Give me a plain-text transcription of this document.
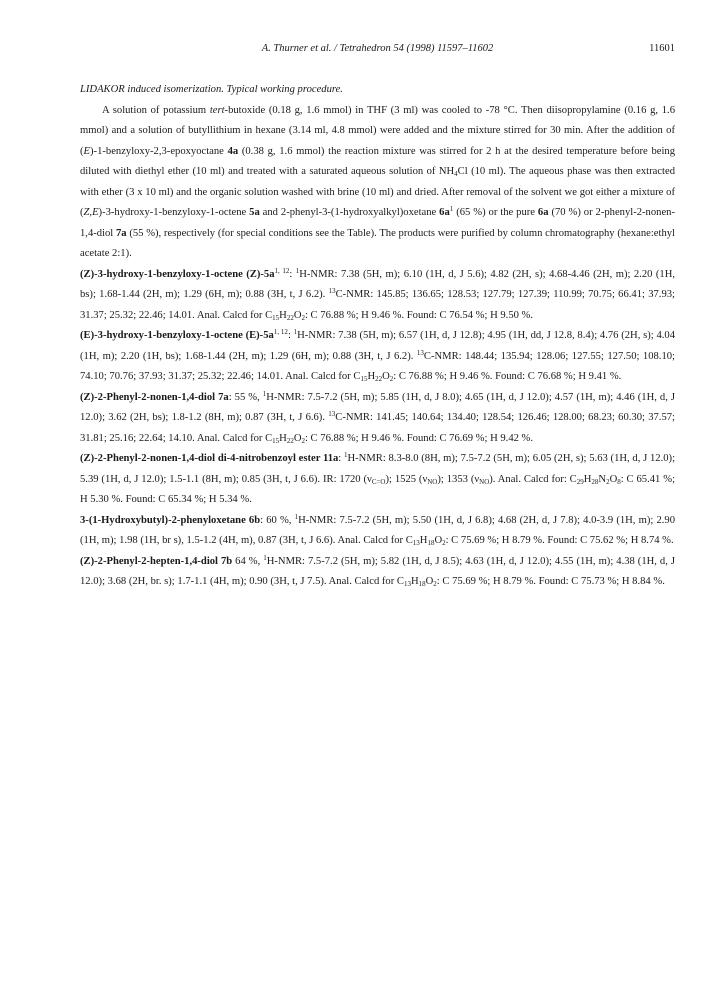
A. Thurner et al. / Tetrahedron 54 (1998) 11597–11602	11601

LIDAKOR induced isomerization. Typical working procedure.

A solution of potassium tert-butoxide (0.18 g, 1.6 mmol) in THF (3 ml) was cooled to -78 °C. Then diisopropylamine (0.16 g, 1.6 mmol) and a solution of butyllithium in hexane (3.14 ml, 4.8 mmol) were added and the mixture stirred for 30 min. After the addition of (E)-1-benzyloxy-2,3-epoxyoctane 4a (0.38 g, 1.6 mmol) the reaction mixture was stirred for 2 h at the desired temperature before being diluted with diethyl ether (10 ml) and treated with a saturated aqueous solution of $NH_4Cl$ (10 ml). The aqueous phase was then extracted with ether (3 x 10 ml) and the organic solution washed with brine (10 ml) and dried. After removal of the solvent we got either a mixture of (Z,E)-3-hydroxy-1-benzyloxy-1-octene 5a and 2-phenyl-3-(1-hydroxyalkyl)oxetane $6a^1$ (65 %) or the pure 6a (70 %) or 2-phenyl-2-nonen-1,4-diol 7a (55 %), respectively (for special conditions see the Table). The products were purified by column chromatography (hexane:ethyl acetate 2:1).

(Z)-3-hydroxy-1-benzyloxy-1-octene $(Z)-5a^{1, 12}$: $^1$H-NMR: 7.38 (5H, m); 6.10 (1H, d, J 5.6); 4.82 (2H, s); 4.68-4.46 (2H, m); 2.20 (1H, bs); 1.68-1.44 (2H, m); 1.29 (6H, m); 0.88 (3H, t, J 6.2). $^{13}$C-NMR: 145.85; 136.65; 128.53; 127.79; 127.39; 110.99; 70.75; 66.41; 37.93; 31.37; 25.32; 22.46; 14.01. Anal. Calcd for $C_{15}H_{22}O_2$: C 76.88 %; H 9.46 %. Found: C 76.54 %; H 9.50 %.

(E)-3-hydroxy-1-benzyloxy-1-octene $(E)-5a^{1, 12}$: $^1$H-NMR: 7.38 (5H, m); 6.57 (1H, d, J 12.8); 4.95 (1H, dd, J 12.8, 8.4); 4.76 (2H, s); 4.04 (1H, m); 2.20 (1H, bs); 1.68-1.44 (2H, m); 1.29 (6H, m); 0.88 (3H, t, J 6.2). $^{13}$C-NMR: 148.44; 135.94; 128.06; 127.55; 127.50; 108.10; 74.10; 70.76; 37.93; 31.37; 25.32; 22.46; 14.01. Anal. Calcd for $C_{15}H_{22}O_2$: C 76.88 %; H 9.46 %. Found: C 76.68 %; H 9.41 %.

(Z)-2-Phenyl-2-nonen-1,4-diol 7a: 55 %, $^1$H-NMR: 7.5-7.2 (5H, m); 5.85 (1H, d, J 8.0); 4.65 (1H, d, J 12.0); 4.57 (1H, m); 4.46 (1H, d, J 12.0); 3.62 (2H, bs); 1.8-1.2 (8H, m); 0.87 (3H, t, J 6.6). $^{13}$C-NMR: 141.45; 140.64; 134.40; 128.54; 126.46; 128.00; 68.23; 60.30; 37.57; 31.81; 25.16; 22.64; 14.10. Anal. Calcd for $C_{15}H_{22}O_2$: C 76.88 %; H 9.46 %. Found: C 76.69 %; H 9.42 %.

(Z)-2-Phenyl-2-nonen-1,4-diol di-4-nitrobenzoyl ester 11a: $^1$H-NMR: 8.3-8.0 (8H, m); 7.5-7.2 (5H, m); 6.05 (2H, s); 5.63 (1H, d, J 12.0); 5.39 (1H, d, J 12.0); 1.5-1.1 (8H, m); 0.85 (3H, t, J 6.6). IR: 1720 $(\nu_{C=O})$; 1525 $(\nu_{NO})$; 1353 $(\nu_{NO})$. Anal. Calcd for: $C_{29}H_{28}N_2O_8$: C 65.41 %; H 5.30 %. Found: C 65.34 %; H 5.34 %.

3-(1-Hydroxybutyl)-2-phenyloxetane 6b: 60 %, $^1$H-NMR: 7.5-7.2 (5H, m); 5.50 (1H, d, J 6.8); 4.68 (2H, d, J 7.8); 4.0-3.9 (1H, m); 2.90 (1H, m); 1.98 (1H, br s), 1.5-1.2 (4H, m), 0.87 (3H, t, J 6.6). Anal. Calcd for $C_{13}H_{18}O_2$: C 75.69 %; H 8.79 %. Found: C 75.62 %; H 8.74 %.

(Z)-2-Phenyl-2-hepten-1,4-diol 7b 64 %, $^1$H-NMR: 7.5-7.2 (5H, m); 5.82 (1H, d, J 8.5); 4.63 (1H, d, J 12.0); 4.55 (1H, m); 4.38 (1H, d, J 12.0); 3.68 (2H, br. s); 1.7-1.1 (4H, m); 0.90 (3H, t, J 7.5). Anal. Calcd for $C_{13}H_{18}O_2$: C 75.69 %; H 8.79 %. Found: C 75.73 %; H 8.84 %.
